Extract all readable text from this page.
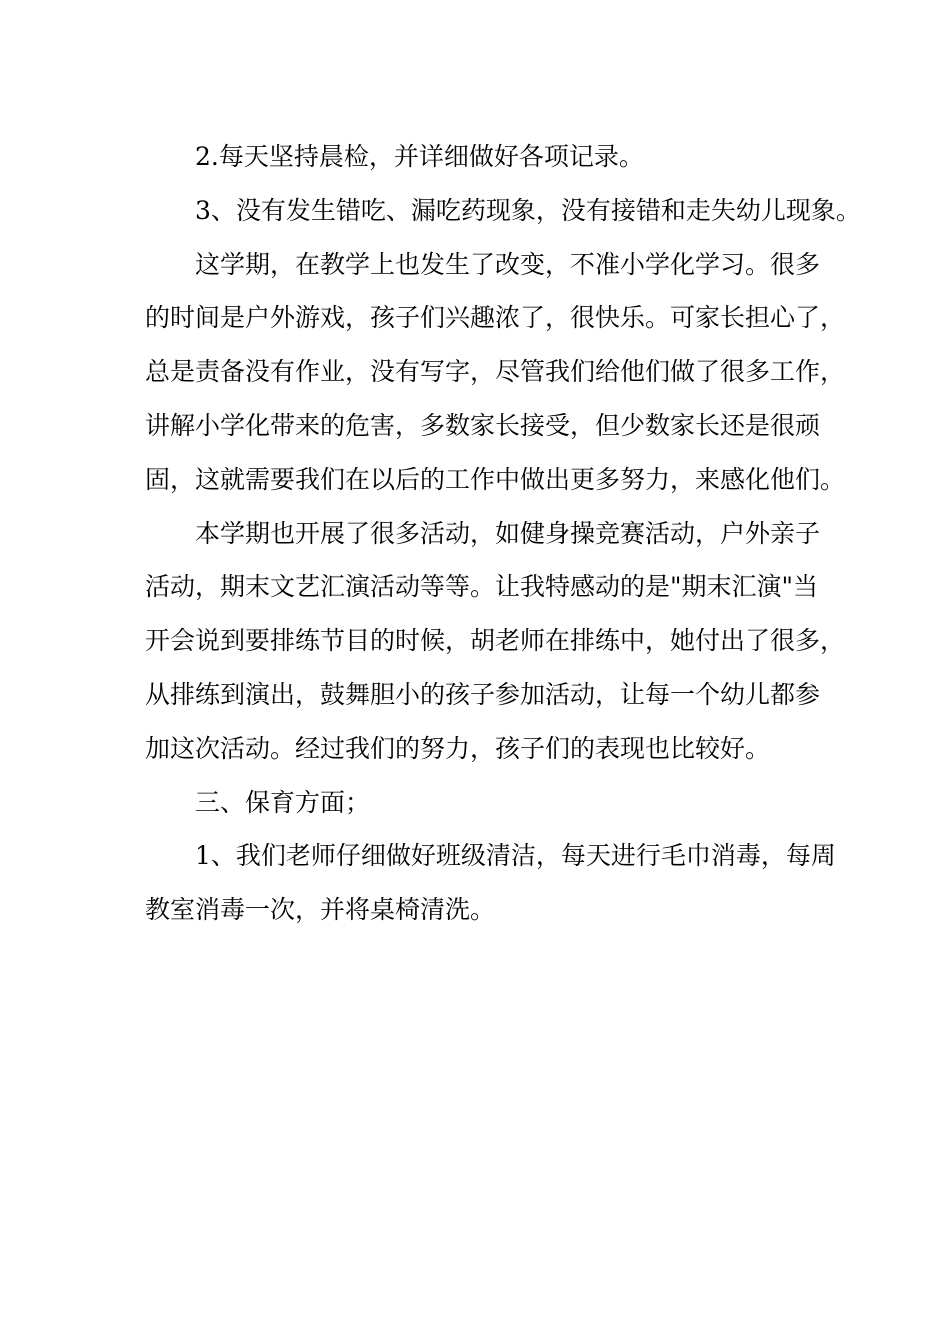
　　2.每天坚持晨检，并详细做好各项记录。
　　3、没有发生错吃、漏吃药现象，没有接错和走失幼儿现象。
　　这学期，在教学上也发生了改变，不准小学化学习。很多
的时间是户外游戏，孩子们兴趣浓了，很快乐。可家长担心了，
总是责备没有作业，没有写字，尽管我们给他们做了很多工作，
讲解小学化带来的危害，多数家长接受，但少数家长还是很顽
固，这就需要我们在以后的工作中做出更多努力，来感化他们。
　　本学期也开展了很多活动，如健身操竞赛活动，户外亲子
活动，期末文艺汇演活动等等。让我特感动的是"期末汇演"当
开会说到要排练节目的时候，胡老师在排练中，她付出了很多，
从排练到演出，鼓舞胆小的孩子参加活动，让每一个幼儿都参
加这次活动。经过我们的努力，孩子们的表现也比较好。
　　三、保育方面；
　　1、我们老师仔细做好班级清洁，每天进行毛巾消毒，每周
教室消毒一次，并将桌椅清洗。
